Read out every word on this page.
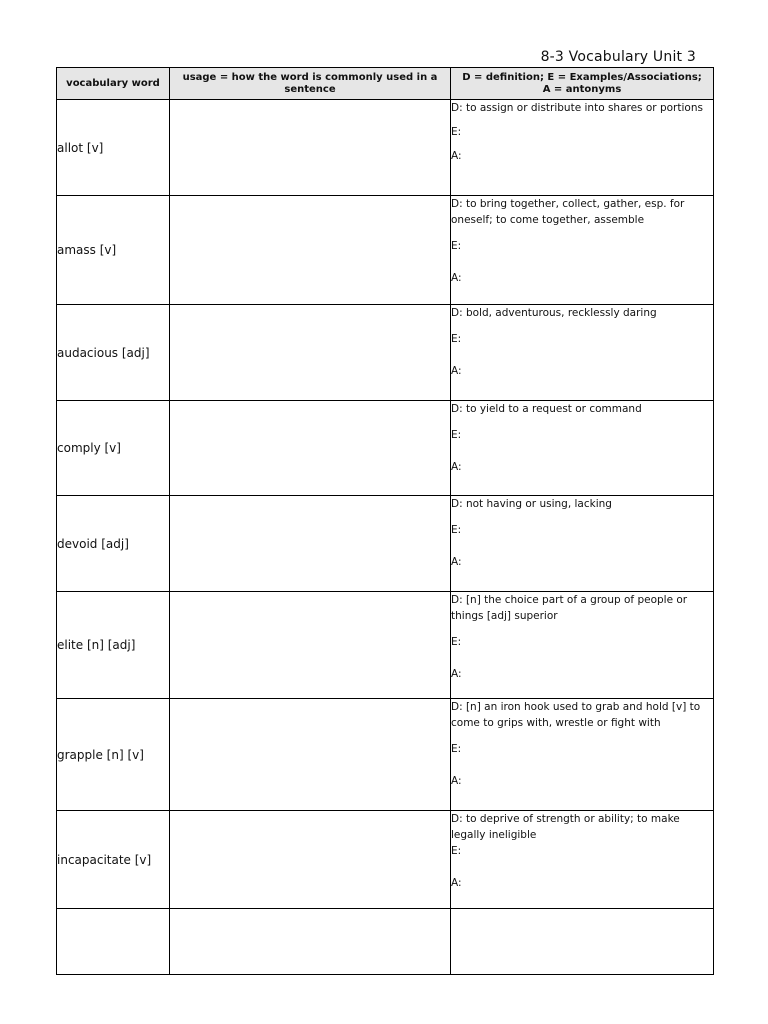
8-3 Vocabulary Unit 3
vocabulary word	usage = how the word is commonly used in a sentence	D = definition; E = Examples/Associations;
A = antonyms

allot [v]		D: to assign or distribute into shares or portions
E:
A:

amass [v]		D: to bring together, collect, gather, esp. for oneself; to come together, assemble
E:
A:

audacious [adj]		D: bold, adventurous, recklessly daring
E:
A:

comply [v]		D: to yield to a request or command
E:
A:

devoid [adj]		D: not having or using, lacking
E:
A:

elite [n] [adj]		D: [n] the choice part of a group of people or things [adj] superior
E:
A:

grapple [n] [v]		D: [n] an iron hook used to grab and hold [v] to come to grips with, wrestle or fight with
E:
A:

incapacitate [v]		D: to deprive of strength or ability; to make legally ineligible
E:
A:
